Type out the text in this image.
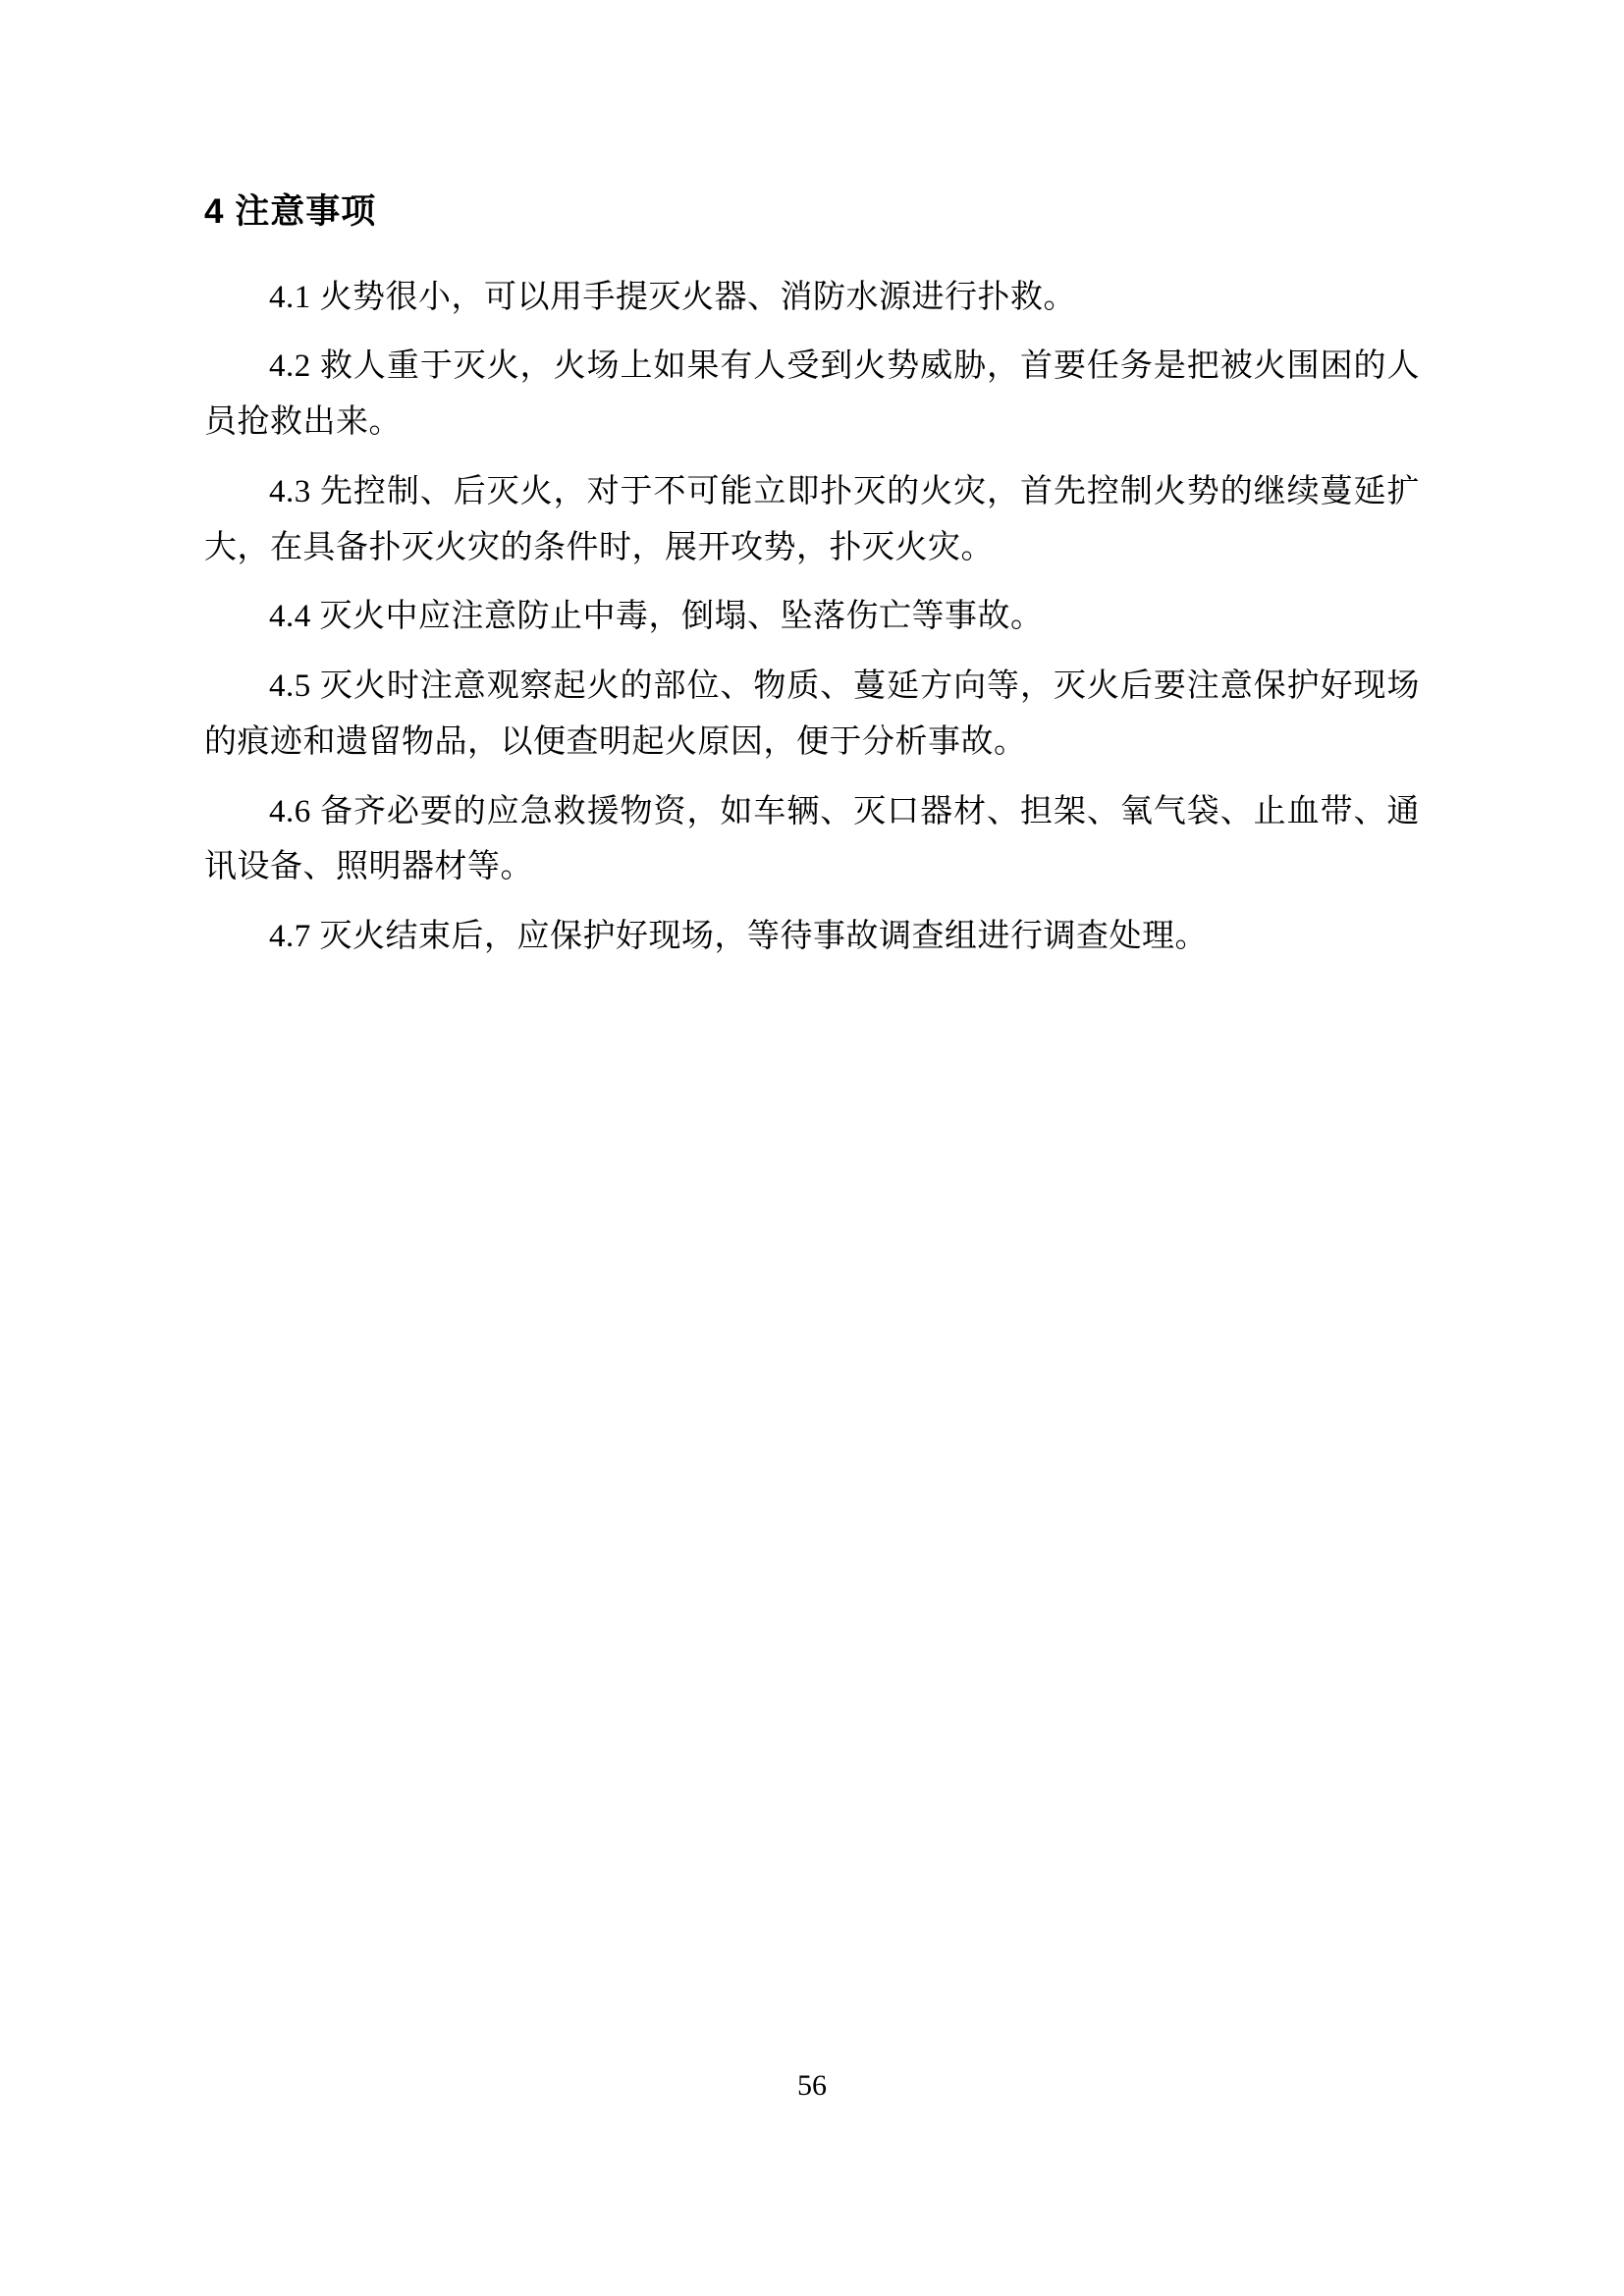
4 注意事项

4.1 火势很小，可以用手提灭火器、消防水源进行扑救。

4.2 救人重于灭火，火场上如果有人受到火势威胁，首要任务是把被火围困的人员抢救出来。

4.3 先控制、后灭火，对于不可能立即扑灭的火灾，首先控制火势的继续蔓延扩大，在具备扑灭火灾的条件时，展开攻势，扑灭火灾。

4.4 灭火中应注意防止中毒，倒塌、坠落伤亡等事故。

4.5 灭火时注意观察起火的部位、物质、蔓延方向等，灭火后要注意保护好现场的痕迹和遗留物品，以便查明起火原因，便于分析事故。

4.6 备齐必要的应急救援物资，如车辆、灭口器材、担架、氧气袋、止血带、通讯设备、照明器材等。

4.7 灭火结束后，应保护好现场，等待事故调查组进行调查处理。

56
